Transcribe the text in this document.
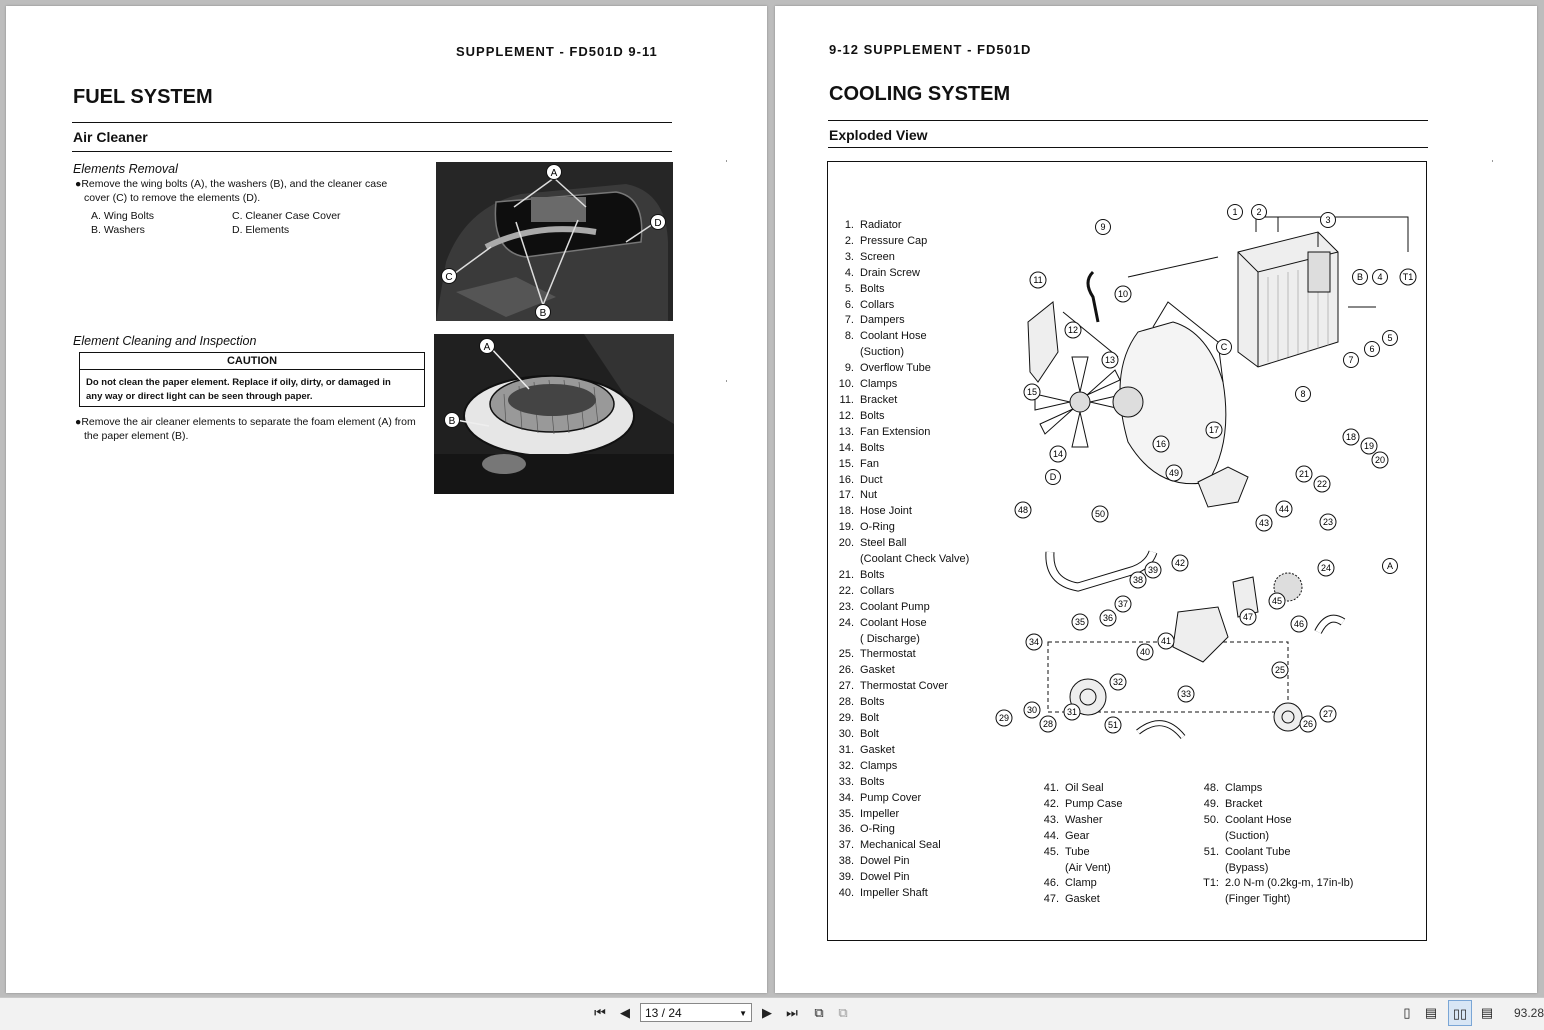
SUPPLEMENT - FD501D 9-11
FUEL SYSTEM
Air Cleaner
Elements Removal
●Remove the wing bolts (A), the washers (B), and the cleaner case
cover (C) to remove the elements (D).
A. Wing Bolts
B. Washers
C. Cleaner Case Cover
D. Elements
A
B
C
D
Element Cleaning and Inspection
CAUTION
Do not clean the paper element. Replace if oily, dirty, or damaged in
any way or direct light can be seen through paper.
●Remove the air cleaner elements to separate the foam element (A) from
the paper element (B).
A
B
9-12 SUPPLEMENT - FD501D
COOLING SYSTEM
Exploded View
1. Radiator
2. Pressure Cap
3. Screen
4. Drain Screw
5. Bolts
6. Collars
7. Dampers
8. Coolant Hose
(Suction)
9. Overflow Tube
10. Clamps
11. Bracket
12. Bolts
13. Fan Extension
14. Bolts
15. Fan
16. Duct
17. Nut
18. Hose Joint
19. O-Ring
20. Steel Ball
(Coolant Check Valve)
21. Bolts
22. Collars
23. Coolant Pump
24. Coolant Hose
( Discharge)
25. Thermostat
26. Gasket
27. Thermostat Cover
28. Bolts
29. Bolt
30. Bolt
31. Gasket
32. Clamps
33. Bolts
34. Pump Cover
35. Impeller
36. O-Ring
37. Mechanical Seal
38. Dowel Pin
39. Dowel Pin
40. Impeller Shaft
41. Oil Seal
42. Pump Case
43. Washer
44. Gear
45. Tube
(Air Vent)
46. Clamp
47. Gasket
48. Clamps
49. Bracket
50. Coolant Hose
(Suction)
51. Coolant Tube
(Bypass)
T1: 2.0 N-m (0.2kg-m, 17in-lb)
(Finger Tight)
1 2
3
4
5
6
7
8
9
10
11
12
13
14
15
16
17
18
19
20
21
22
23
24
25
26
27
28
29
30	31
32
33
34
35 36
37
38
39
40
41
42
43
44
45
46
47
48
49
50
51
A
B
C
D
T1
⏮	◀	13 / 24	▼	▶	⏭	⧉	⧉	▯	▤	▯▯	▤ 93.28
